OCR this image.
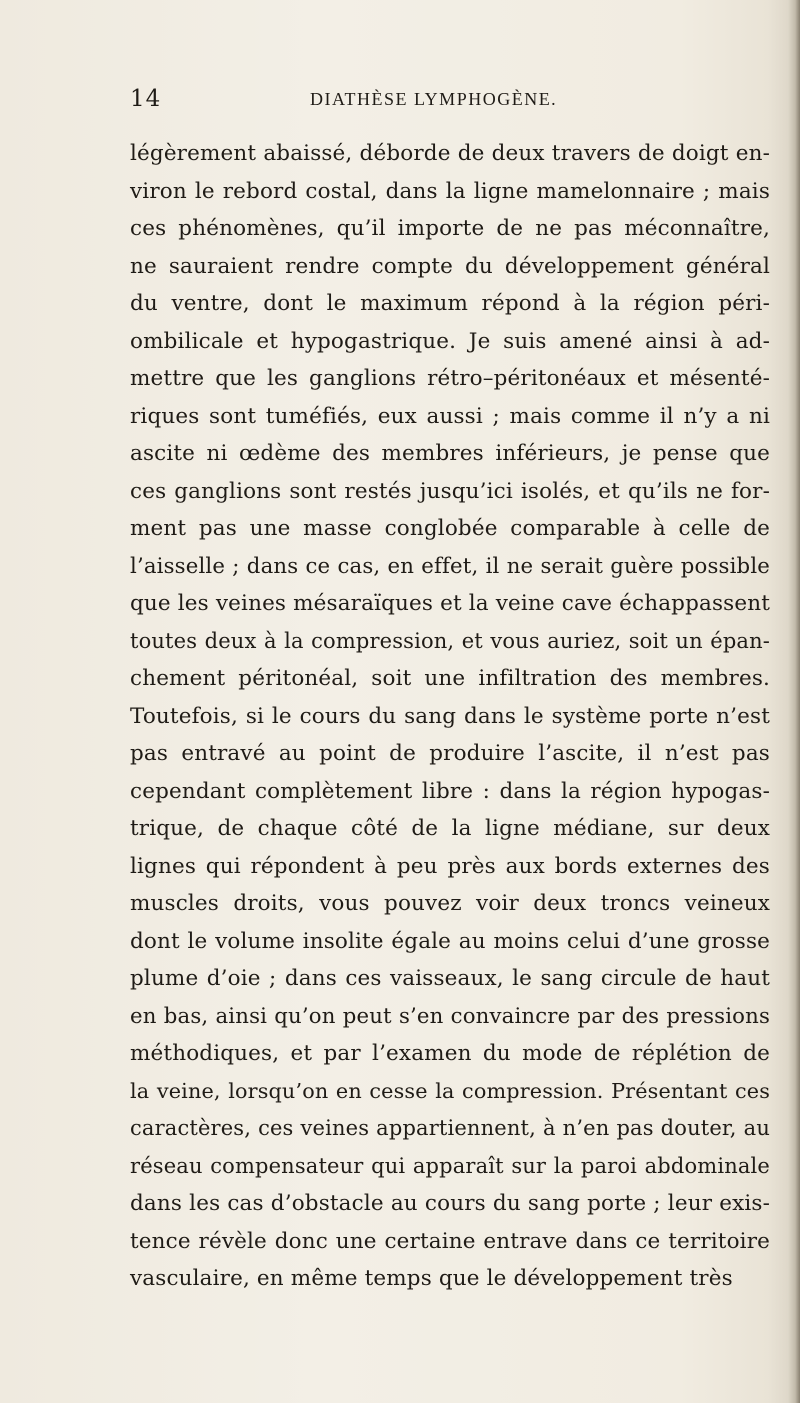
14	DIATHÈSE LYMPHOGÈNE.
légèrement abaissé, déborde de deux travers de doigt en-
viron le rebord costal, dans la ligne mamelonnaire ; mais
ces phénomènes, qu’il importe de ne pas méconnaître,
ne sauraient rendre compte du développement général
du ventre, dont le maximum répond à la région péri-
ombilicale et hypogastrique. Je suis amené ainsi à ad-
mettre que les ganglions rétro–péritonéaux et mésenté-
riques sont tuméfiés, eux aussi ; mais comme il n’y a ni
ascite ni œdème des membres inférieurs, je pense que
ces ganglions sont restés jusqu’ici isolés, et qu’ils ne for-
ment pas une masse conglobée comparable à celle de
l’aisselle ; dans ce cas, en effet, il ne serait guère possible
que les veines mésaraïques et la veine cave échappassent
toutes deux à la compression, et vous auriez, soit un épan-
chement péritonéal, soit une infiltration des membres.
Toutefois, si le cours du sang dans le système porte n’est
pas entravé au point de produire l’ascite, il n’est pas
cependant complètement libre : dans la région hypogas-
trique, de chaque côté de la ligne médiane, sur deux
lignes qui répondent à peu près aux bords externes des
muscles droits, vous pouvez voir deux troncs veineux
dont le volume insolite égale au moins celui d’une grosse
plume d’oie ; dans ces vaisseaux, le sang circule de haut
en bas, ainsi qu’on peut s’en convaincre par des pressions
méthodiques, et par l’examen du mode de réplétion de
la veine, lorsqu’on en cesse la compression. Présentant ces
caractères, ces veines appartiennent, à n’en pas douter, au
réseau compensateur qui apparaît sur la paroi abdominale
dans les cas d’obstacle au cours du sang porte ; leur exis-
tence révèle donc une certaine entrave dans ce territoire
vasculaire, en même temps que le développement très
